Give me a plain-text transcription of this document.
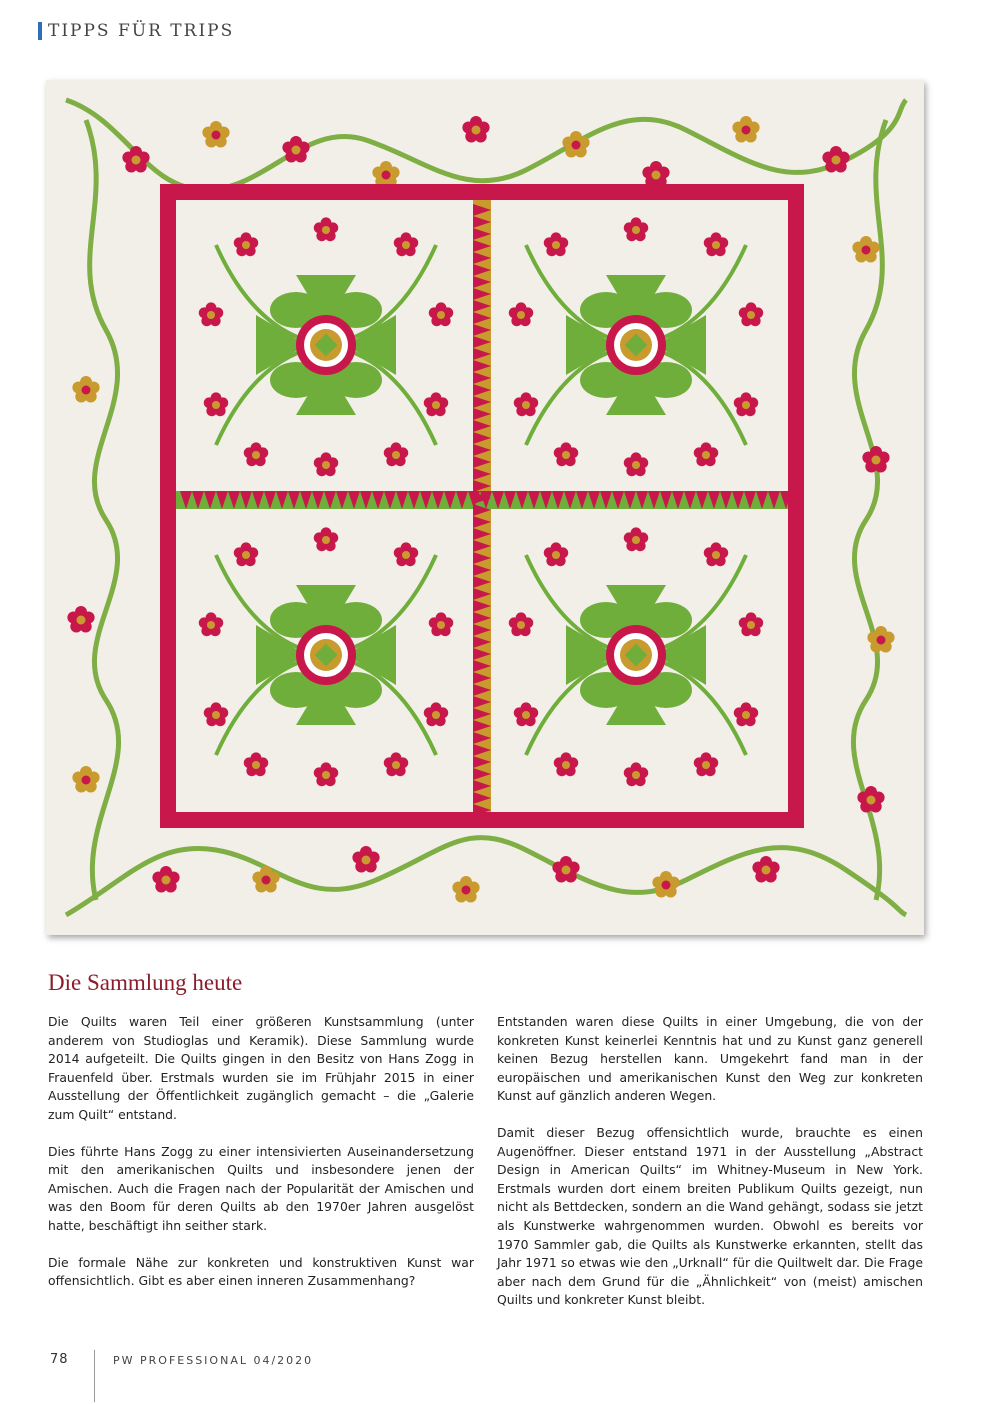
TIPPS FÜR TRIPS
Die Sammlung heute

Die Quilts waren Teil einer größeren Kunstsammlung (unter anderem von Studioglas und Keramik). Diese Sammlung wurde 2014 aufgeteilt. Die Quilts gingen in den Besitz von Hans Zogg in Frauenfeld über. Erstmals wurden sie im Frühjahr 2015 in einer Ausstellung der Öffentlichkeit zugänglich gemacht – die „Galerie zum Quilt“ entstand.

Dies führte Hans Zogg zu einer intensivierten Auseinandersetzung mit den amerikanischen Quilts und insbesondere jenen der Amischen. Auch die Fragen nach der Popularität der Amischen und was den Boom für deren Quilts ab den 1970er Jahren ausgelöst hatte, beschäftigt ihn seither stark.

Die formale Nähe zur konkreten und konstruktiven Kunst war offensichtlich. Gibt es aber einen inneren Zusammenhang?

Entstanden waren diese Quilts in einer Umgebung, die von der konkreten Kunst keinerlei Kenntnis hat und zu Kunst ganz generell keinen Bezug herstellen kann. Umgekehrt fand man in der europäischen und amerikanischen Kunst den Weg zur konkreten Kunst auf gänzlich anderen Wegen.

Damit dieser Bezug offensichtlich wurde, brauchte es einen Augenöffner. Dieser entstand 1971 in der Ausstellung „Abstract Design in American Quilts“ im Whitney-Museum in New York. Erstmals wurden dort einem breiten Publikum Quilts gezeigt, nun nicht als Bettdecken, sondern an die Wand gehängt, sodass sie jetzt als Kunstwerke wahrgenommen wurden. Obwohl es bereits vor 1970 Sammler gab, die Quilts als Kunstwerke erkannten, stellt das Jahr 1971 so etwas wie den „Urknall“ für die Quiltwelt dar. Die Frage aber nach dem Grund für die „Ähnlichkeit“ von (meist) amischen Quilts und konkreter Kunst bleibt.

78	PW PROFESSIONAL 04/2020
